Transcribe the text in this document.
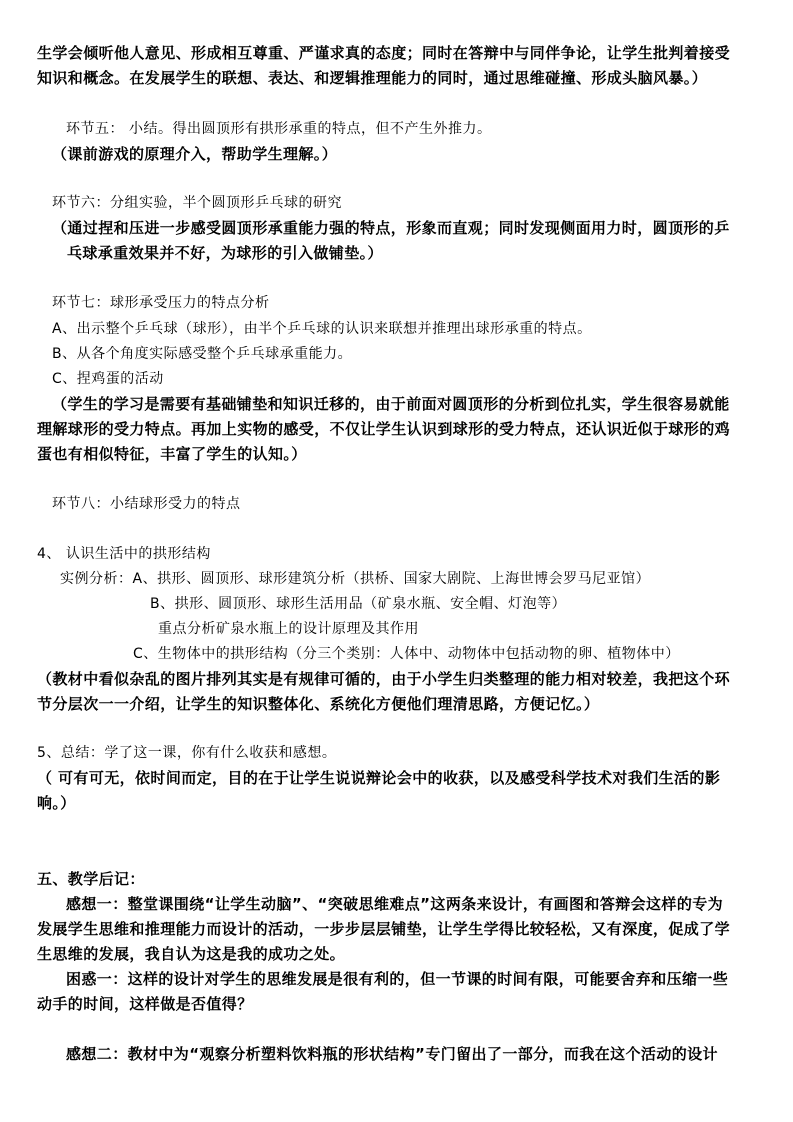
生学会倾听他人意见、形成相互尊重、严谨求真的态度；同时在答辩中与同伴争论，让学生批判着接受
知识和概念。在发展学生的联想、表达、和逻辑推理能力的同时，通过思维碰撞、形成头脑风暴。）
环节五： 小结。得出圆顶形有拱形承重的特点，但不产生外推力。
（课前游戏的原理介入，帮助学生理解。）
环节六：分组实验，半个圆顶形乒乓球的研究
（通过捏和压进一步感受圆顶形承重能力强的特点，形象而直观；同时发现侧面用力时，圆顶形的乒
乓球承重效果并不好，为球形的引入做铺垫。）
环节七：球形承受压力的特点分析
A、出示整个乒乓球（球形），由半个乒乓球的认识来联想并推理出球形承重的特点。
B、从各个角度实际感受整个乒乓球承重能力。
C、捏鸡蛋的活动
（学生的学习是需要有基础铺垫和知识迁移的，由于前面对圆顶形的分析到位扎实，学生很容易就能
理解球形的受力特点。再加上实物的感受，不仅让学生认识到球形的受力特点，还认识近似于球形的鸡
蛋也有相似特征，丰富了学生的认知。）
环节八：小结球形受力的特点
4、 认识生活中的拱形结构
实例分析：A、拱形、圆顶形、球形建筑分析（拱桥、国家大剧院、上海世博会罗马尼亚馆）
B、拱形、圆顶形、球形生活用品（矿泉水瓶、安全帽、灯泡等）
重点分析矿泉水瓶上的设计原理及其作用
C、生物体中的拱形结构（分三个类别：人体中、动物体中包括动物的卵、植物体中）
（教材中看似杂乱的图片排列其实是有规律可循的，由于小学生归类整理的能力相对较差，我把这个环
节分层次一一介绍，让学生的知识整体化、系统化方便他们理清思路，方便记忆。）
5、总结：学了这一课，你有什么收获和感想。
（ 可有可无，依时间而定，目的在于让学生说说辩论会中的收获，以及感受科学技术对我们生活的影
响。）
五、教学后记：
感想一：整堂课围绕“让学生动脑”、“突破思维难点”这两条来设计，有画图和答辩会这样的专为
发展学生思维和推理能力而设计的活动，一步步层层铺垫，让学生学得比较轻松，又有深度，促成了学
生思维的发展，我自认为这是我的成功之处。
困惑一：这样的设计对学生的思维发展是很有利的，但一节课的时间有限，可能要舍弃和压缩一些
动手的时间，这样做是否值得？
感想二：教材中为“观察分析塑料饮料瓶的形状结构”专门留出了一部分，而我在这个活动的设计
